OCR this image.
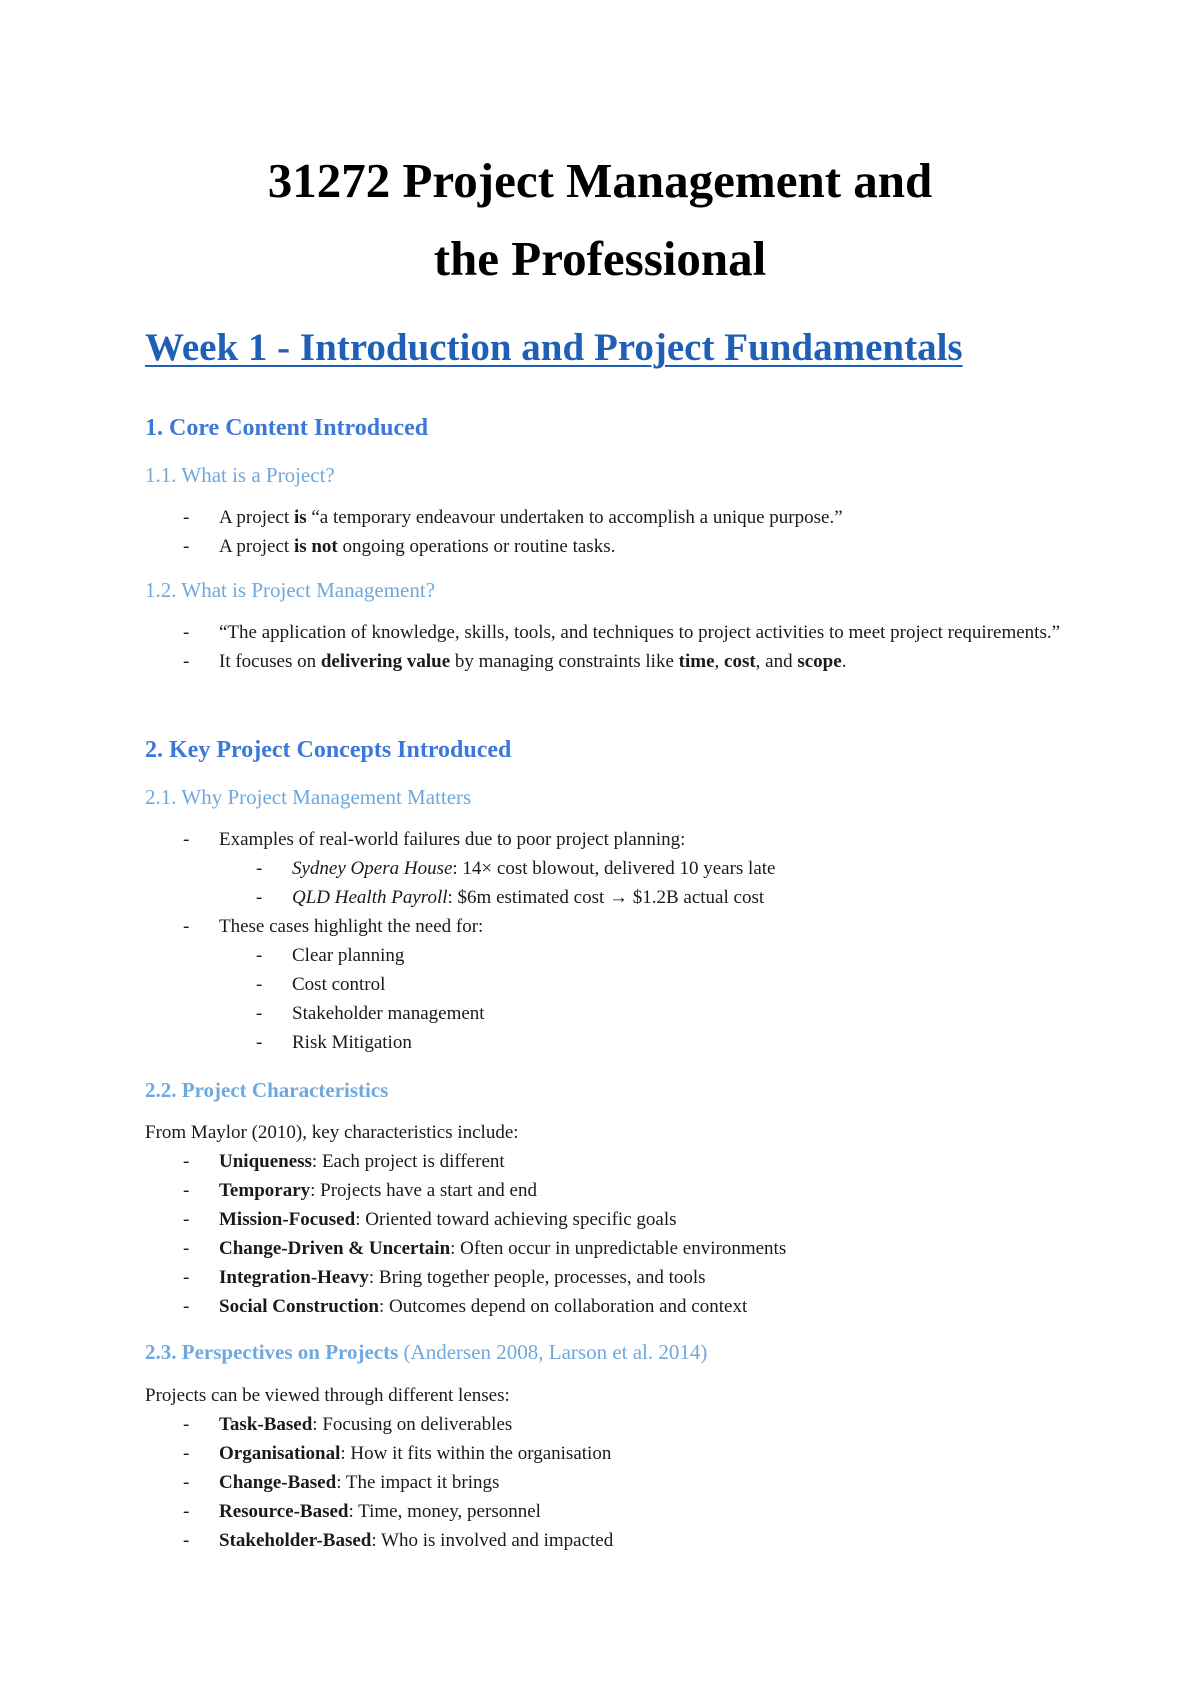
31272 Project Management and
the Professional
Week 1 - Introduction and Project Fundamentals
1. Core Content Introduced
1.1. What is a Project?
- A project is “a temporary endeavour undertaken to accomplish a unique purpose.”
- A project is not ongoing operations or routine tasks.
1.2. What is Project Management?
- “The application of knowledge, skills, tools, and techniques to project activities to meet project requirements.”
- It focuses on delivering value by managing constraints like time, cost, and scope.
2. Key Project Concepts Introduced
2.1. Why Project Management Matters
- Examples of real-world failures due to poor project planning:
- Sydney Opera House: 14× cost blowout, delivered 10 years late
- QLD Health Payroll: $6m estimated cost → $1.2B actual cost
- These cases highlight the need for:
- Clear planning
- Cost control
- Stakeholder management
- Risk Mitigation
2.2. Project Characteristics
From Maylor (2010), key characteristics include:
- Uniqueness: Each project is different
- Temporary: Projects have a start and end
- Mission-Focused: Oriented toward achieving specific goals
- Change-Driven & Uncertain: Often occur in unpredictable environments
- Integration-Heavy: Bring together people, processes, and tools
- Social Construction: Outcomes depend on collaboration and context
2.3. Perspectives on Projects (Andersen 2008, Larson et al. 2014)
Projects can be viewed through different lenses:
- Task-Based: Focusing on deliverables
- Organisational: How it fits within the organisation
- Change-Based: The impact it brings
- Resource-Based: Time, money, personnel
- Stakeholder-Based: Who is involved and impacted
